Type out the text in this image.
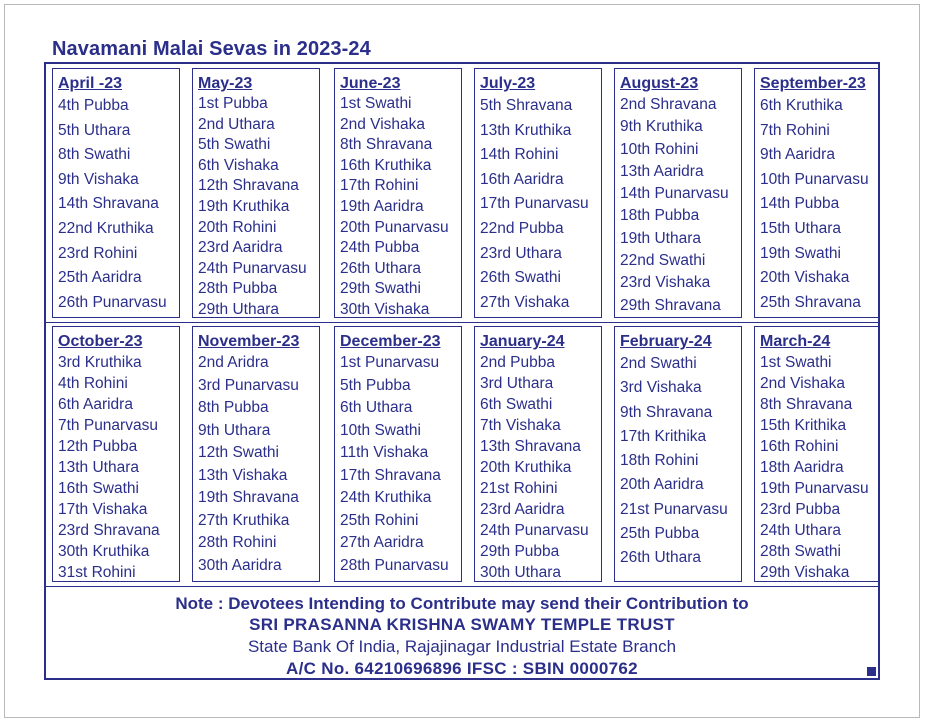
Navamani Malai Sevas in 2023-24
Note : Devotees Intending to Contribute may send their Contribution to
SRI PRASANNA KRISHNA SWAMY TEMPLE TRUST
State Bank Of India, Rajajinagar Industrial Estate Branch
A/C No. 64210696896 IFSC : SBIN 0000762
April -23
4th Pubba
5th Uthara
8th Swathi
9th Vishaka
14th Shravana
22nd Kruthika
23rd Rohini
25th Aaridra
26th Punarvasu
May-23
1st Pubba
2nd Uthara
5th Swathi
6th Vishaka
12th Shravana
19th Kruthika
20th Rohini
23rd Aaridra
24th Punarvasu
28th Pubba
29th Uthara
June-23
1st Swathi
2nd Vishaka
8th Shravana
16th Kruthika
17th Rohini
19th Aaridra
20th Punarvasu
24th Pubba
26th Uthara
29th Swathi
30th Vishaka
July-23
5th Shravana
13th Kruthika
14th Rohini
16th Aaridra
17th Punarvasu
22nd Pubba
23rd Uthara
26th Swathi
27th Vishaka
August-23
2nd Shravana
9th Kruthika
10th Rohini
13th Aaridra
14th Punarvasu
18th Pubba
19th Uthara
22nd Swathi
23rd Vishaka
29th Shravana
September-23
6th Kruthika
7th Rohini
9th Aaridra
10th Punarvasu
14th Pubba
15th Uthara
19th Swathi
20th Vishaka
25th Shravana
October-23
3rd Kruthika
4th Rohini
6th Aaridra
7th Punarvasu
12th Pubba
13th Uthara
16th Swathi
17th Vishaka
23rd Shravana
30th Kruthika
31st Rohini
November-23
2nd Aridra
3rd Punarvasu
8th Pubba
9th Uthara
12th Swathi
13th Vishaka
19th Shravana
27th Kruthika
28th Rohini
30th Aaridra
December-23
1st Punarvasu
5th Pubba
6th Uthara
10th Swathi
11th Vishaka
17th Shravana
24th Kruthika
25th Rohini
27th Aaridra
28th Punarvasu
January-24
2nd Pubba
3rd Uthara
6th Swathi
7th Vishaka
13th Shravana
20th Kruthika
21st Rohini
23rd Aaridra
24th Punarvasu
29th Pubba
30th Uthara
February-24
2nd Swathi
3rd Vishaka
9th Shravana
17th Krithika
18th Rohini
20th Aaridra
21st Punarvasu
25th Pubba
26th Uthara
March-24
1st Swathi
2nd Vishaka
8th Shravana
15th Krithika
16th Rohini
18th Aaridra
19th Punarvasu
23rd Pubba
24th Uthara
28th Swathi
29th Vishaka
